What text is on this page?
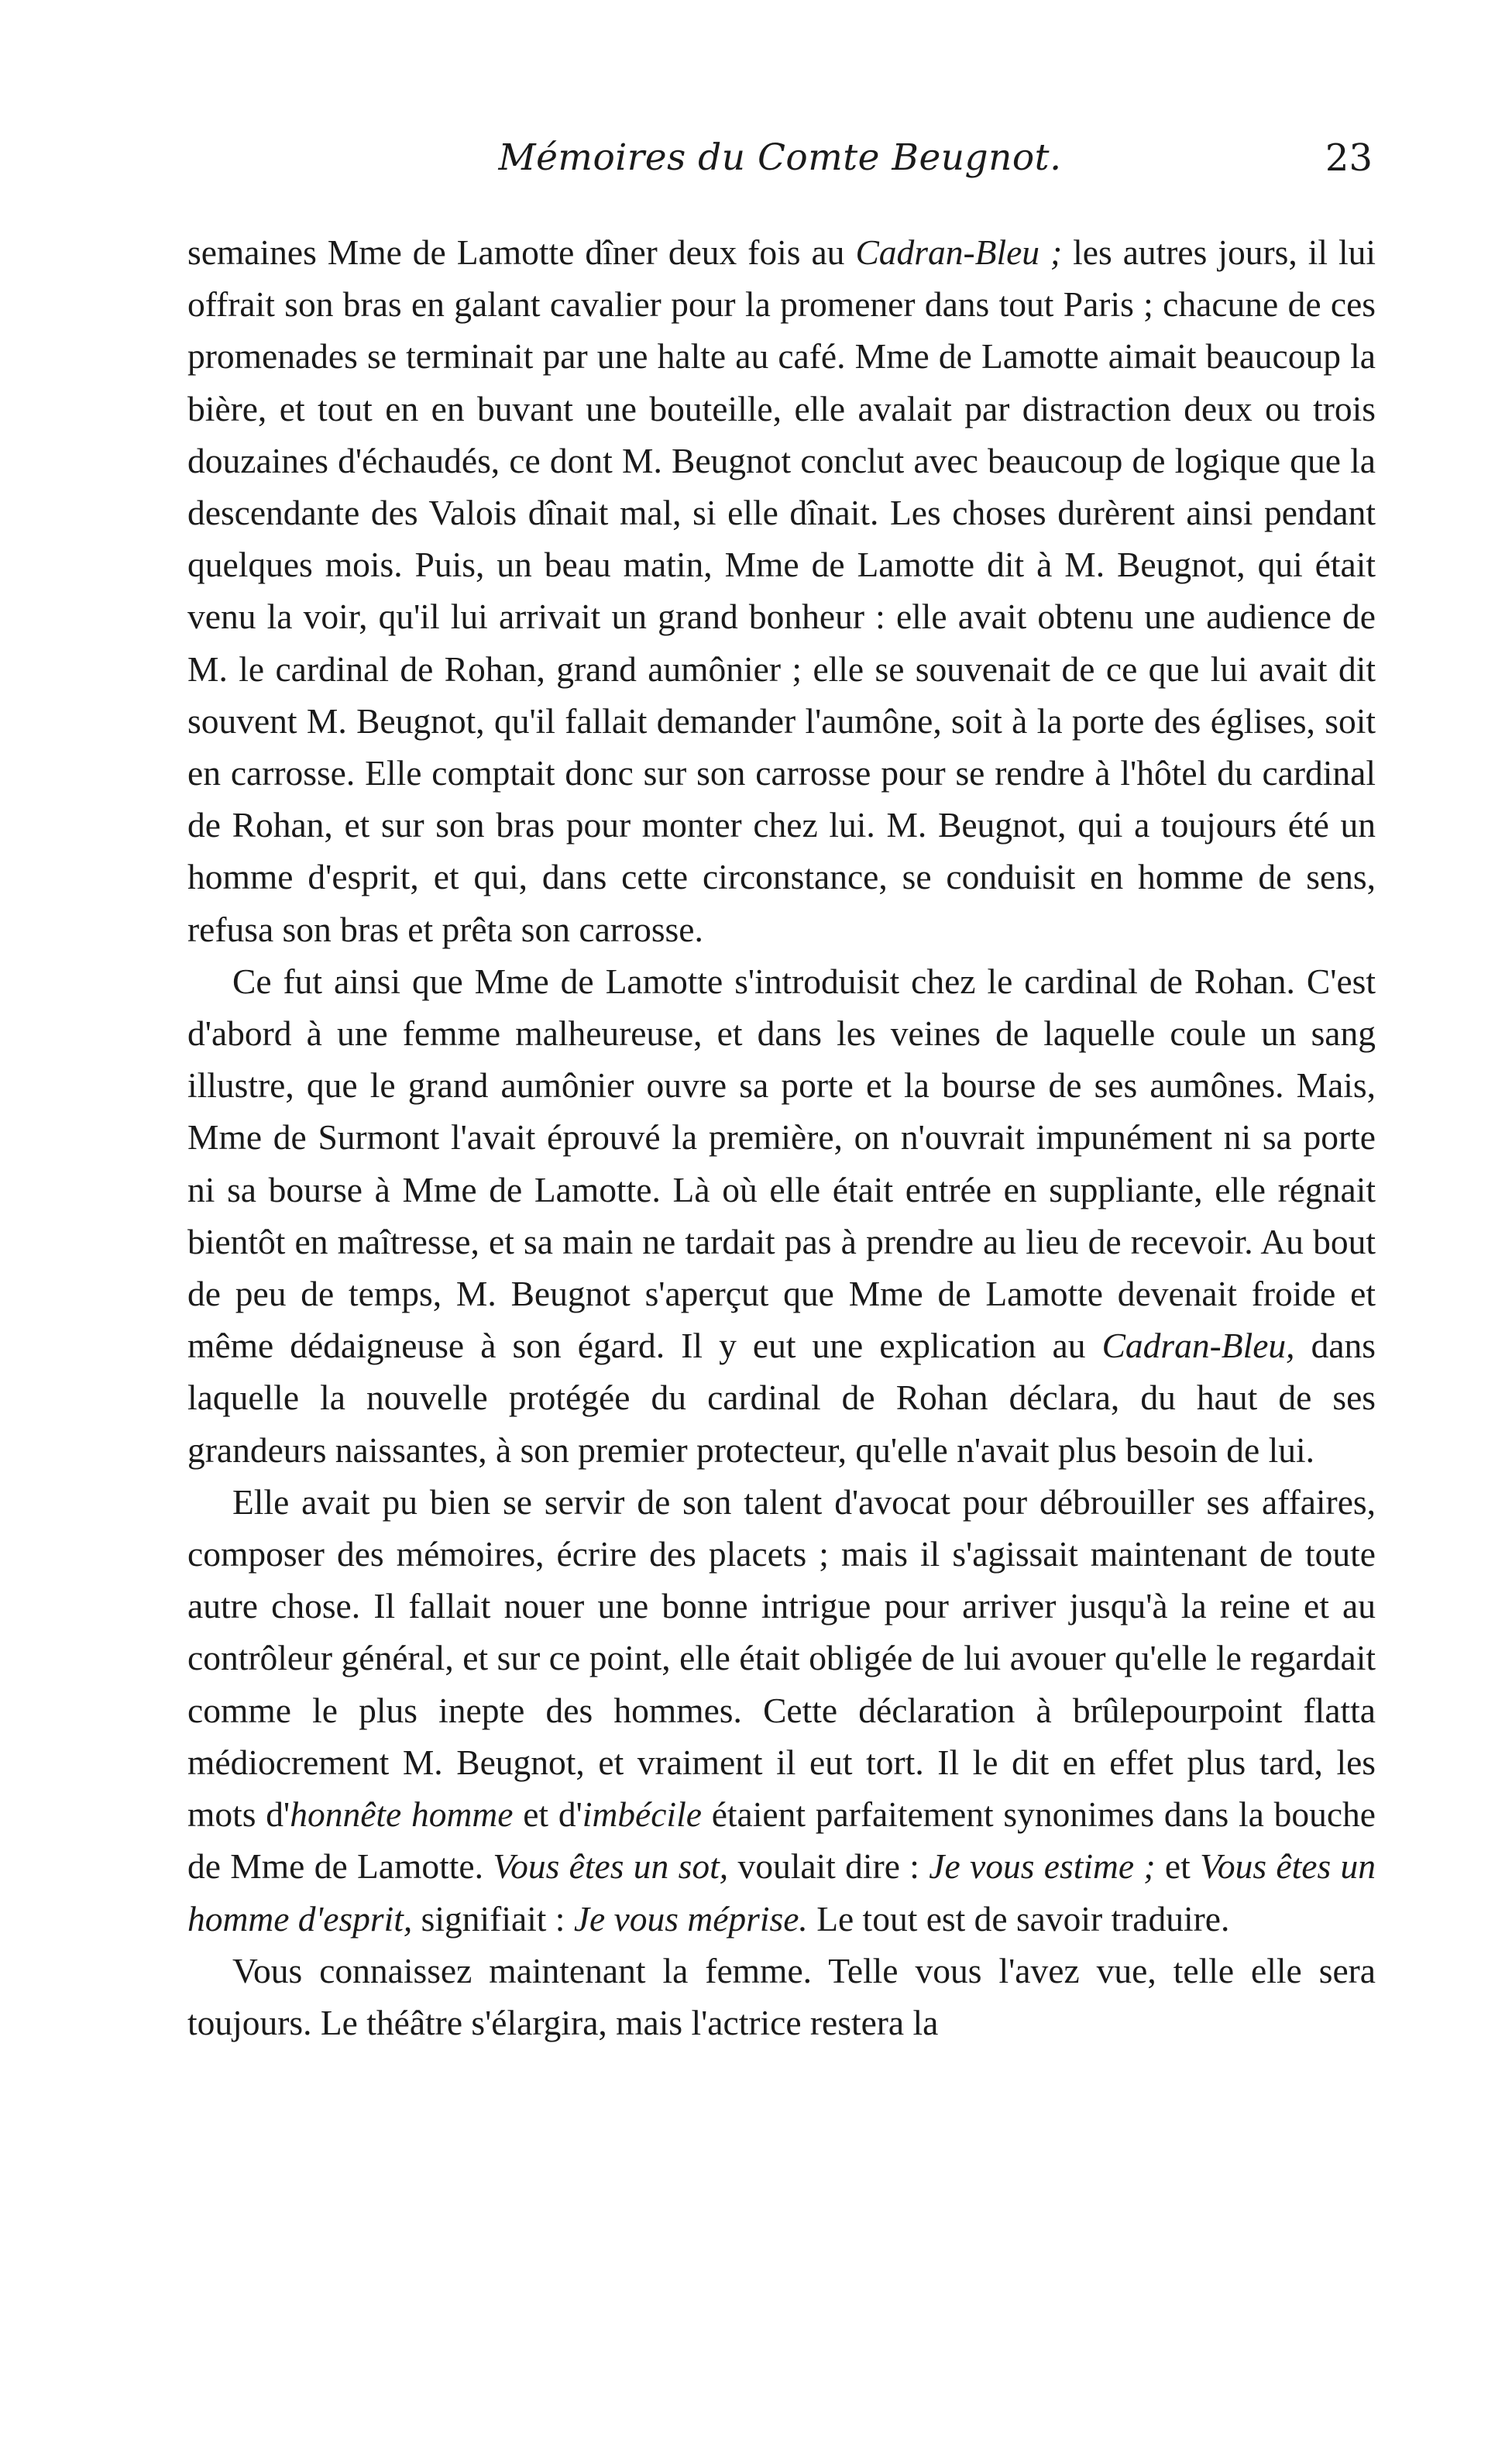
Mémoires du Comte Beugnot.	23

semaines Mme de Lamotte dîner deux fois au Cadran-Bleu ; les autres jours, il lui offrait son bras en galant cavalier pour la promener dans tout Paris ; chacune de ces promenades se terminait par une halte au café. Mme de Lamotte aimait beaucoup la bière, et tout en en buvant une bouteille, elle avalait par distraction deux ou trois douzaines d'échaudés, ce dont M. Beugnot conclut avec beaucoup de logique que la descendante des Valois dînait mal, si elle dînait. Les choses durèrent ainsi pendant quelques mois. Puis, un beau matin, Mme de Lamotte dit à M. Beugnot, qui était venu la voir, qu'il lui arrivait un grand bonheur : elle avait obtenu une audience de M. le cardinal de Rohan, grand aumônier ; elle se souvenait de ce que lui avait dit souvent M. Beugnot, qu'il fallait demander l'aumône, soit à la porte des églises, soit en carrosse. Elle comptait donc sur son carrosse pour se rendre à l'hôtel du cardinal de Rohan, et sur son bras pour monter chez lui. M. Beugnot, qui a toujours été un homme d'esprit, et qui, dans cette circonstance, se conduisit en homme de sens, refusa son bras et prêta son carrosse.

Ce fut ainsi que Mme de Lamotte s'introduisit chez le cardinal de Rohan. C'est d'abord à une femme malheureuse, et dans les veines de laquelle coule un sang illustre, que le grand aumônier ouvre sa porte et la bourse de ses aumônes. Mais, Mme de Surmont l'avait éprouvé la première, on n'ouvrait impunément ni sa porte ni sa bourse à Mme de Lamotte. Là où elle était entrée en suppliante, elle régnait bientôt en maîtresse, et sa main ne tardait pas à prendre au lieu de recevoir. Au bout de peu de temps, M. Beugnot s'aperçut que Mme de Lamotte devenait froide et même dédaigneuse à son égard. Il y eut une explication au Cadran-Bleu, dans laquelle la nouvelle protégée du cardinal de Rohan déclara, du haut de ses grandeurs naissantes, à son premier protecteur, qu'elle n'avait plus besoin de lui.

Elle avait pu bien se servir de son talent d'avocat pour débrouiller ses affaires, composer des mémoires, écrire des placets ; mais il s'agissait maintenant de toute autre chose. Il fallait nouer une bonne intrigue pour arriver jusqu'à la reine et au contrôleur général, et sur ce point, elle était obligée de lui avouer qu'elle le regardait comme le plus inepte des hommes. Cette déclaration à brûlepourpoint flatta médiocrement M. Beugnot, et vraiment il eut tort. Il le dit en effet plus tard, les mots d'honnête homme et d'imbécile étaient parfaitement synonimes dans la bouche de Mme de Lamotte. Vous êtes un sot, voulait dire : Je vous estime ; et Vous êtes un homme d'esprit, signifiait : Je vous méprise. Le tout est de savoir traduire.

Vous connaissez maintenant la femme. Telle vous l'avez vue, telle elle sera toujours. Le théâtre s'élargira, mais l'actrice restera la
